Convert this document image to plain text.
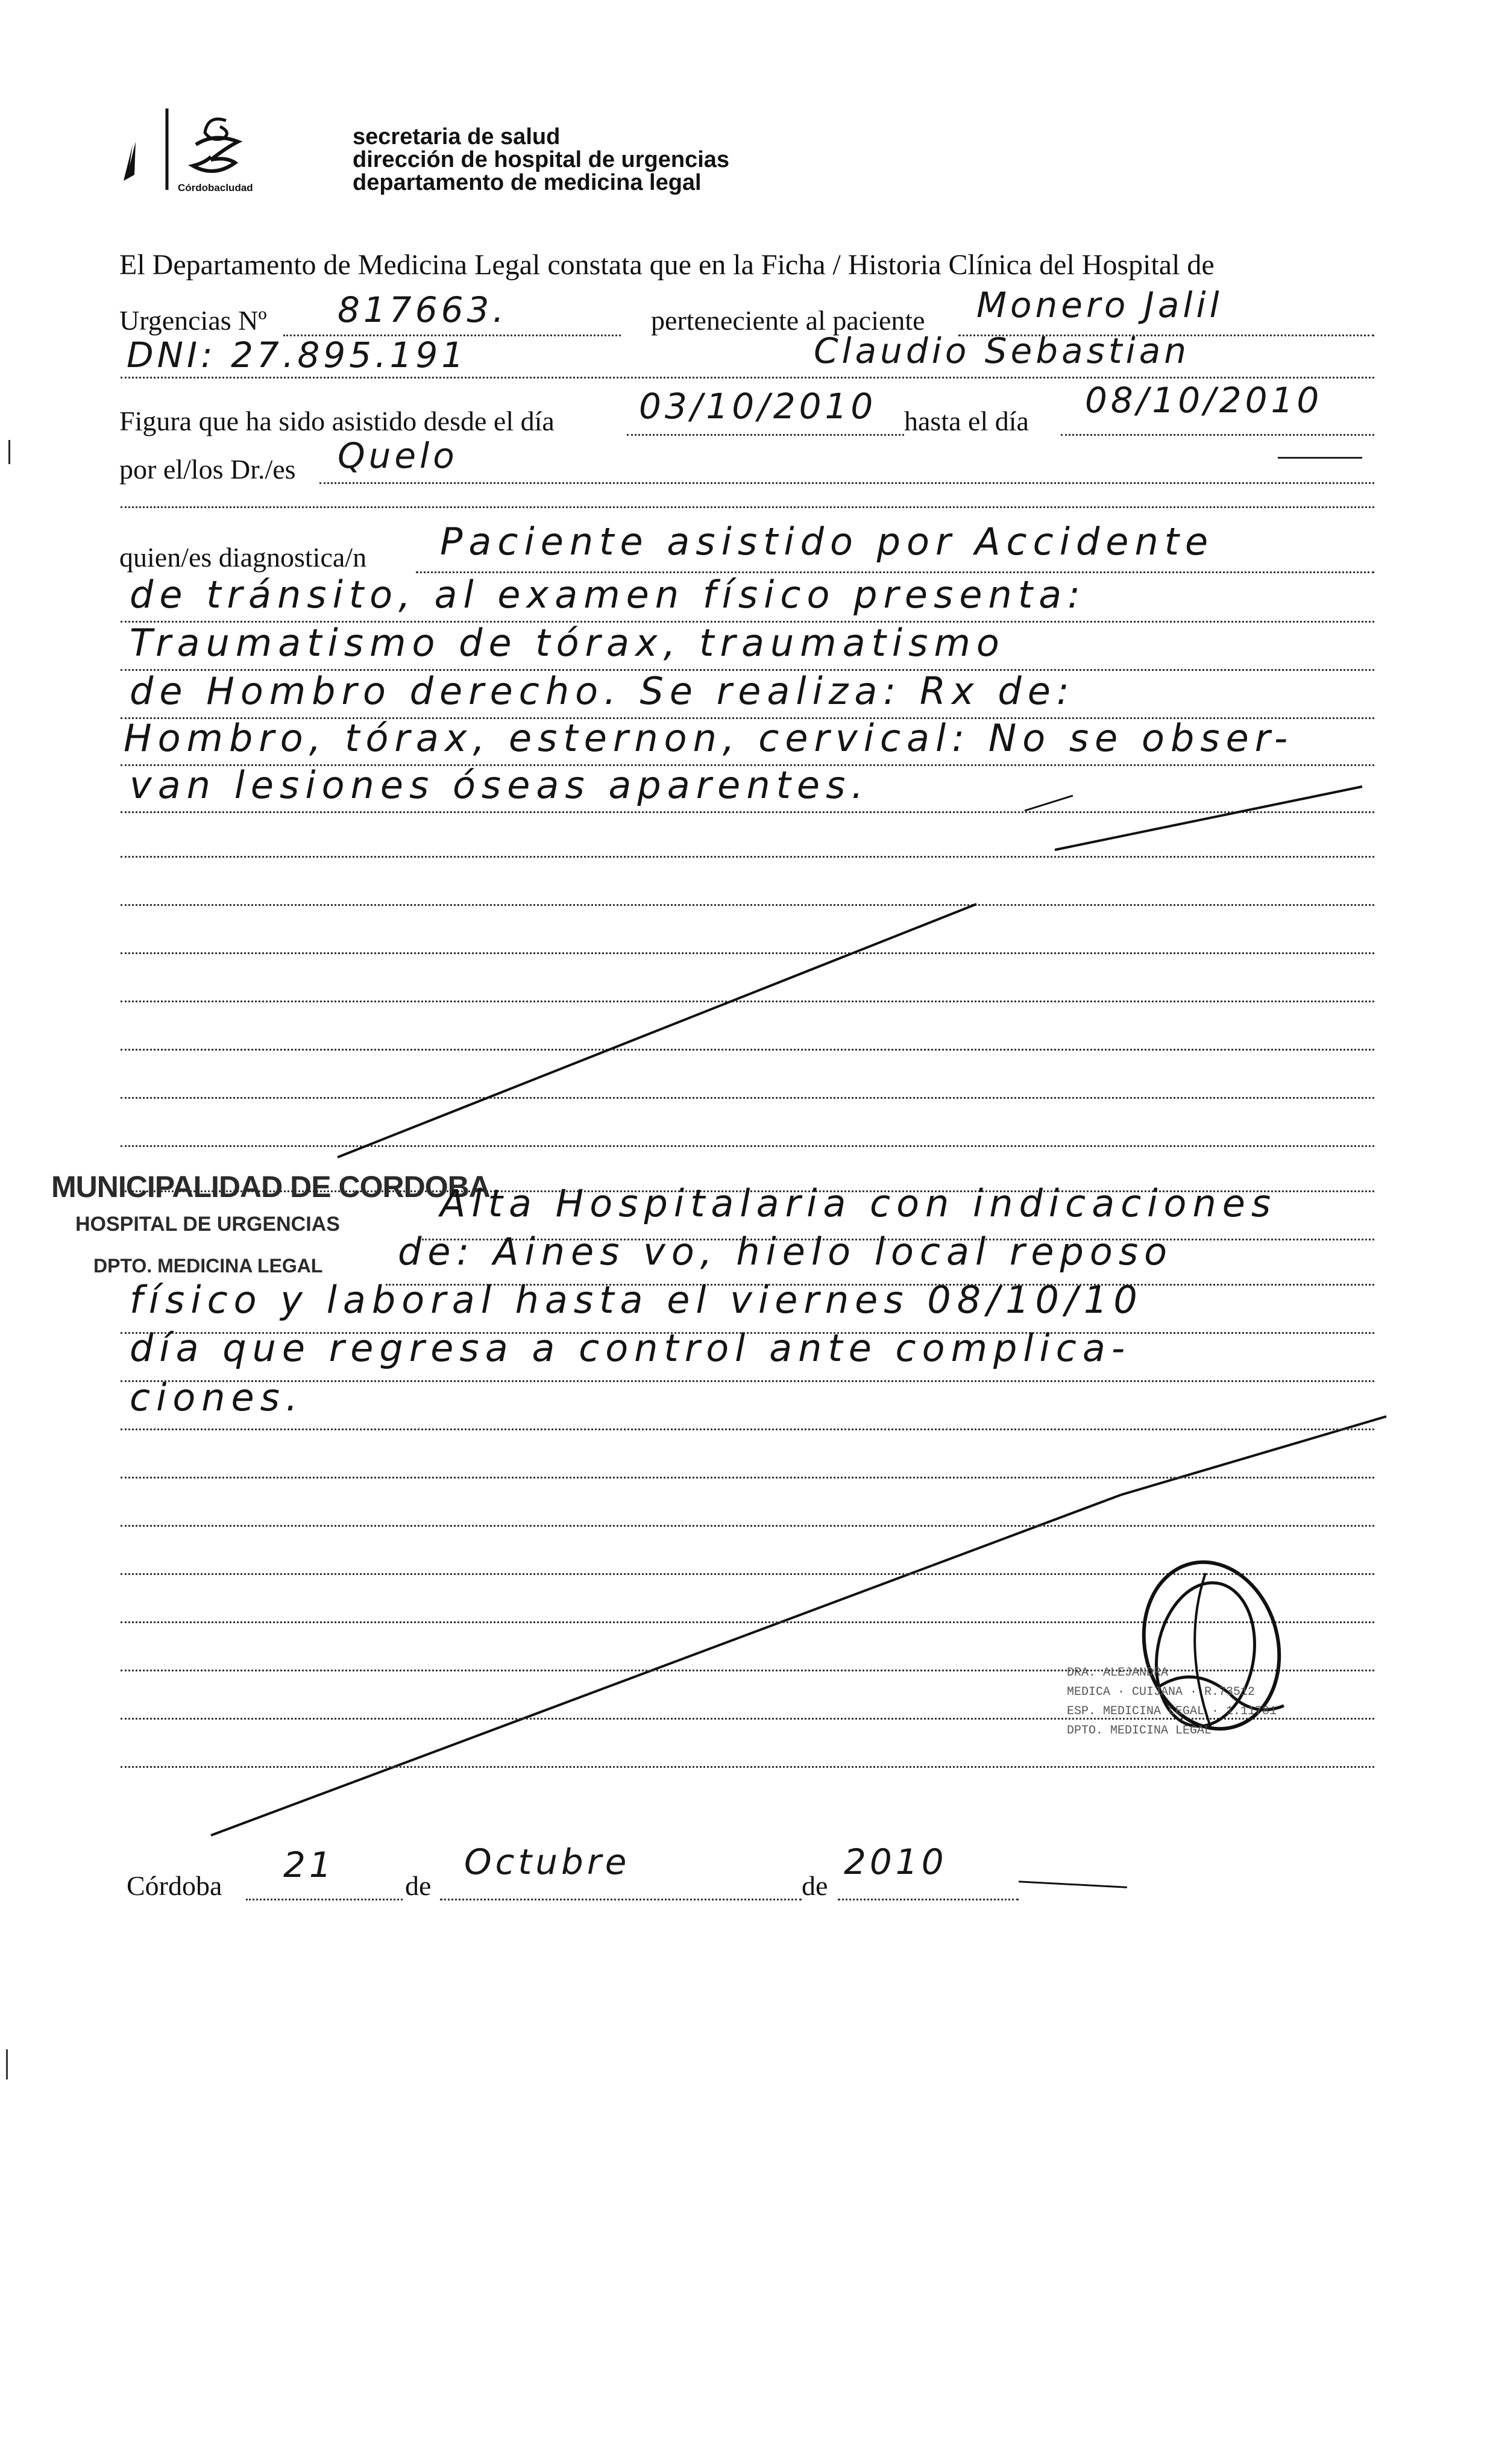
Córdobacludad
secretaria de salud
dirección de hospital de urgencias
departamento de medicina legal
El Departamento de Medicina Legal constata que en la Ficha / Historia Clínica del Hospital de
Urgencias Nº 817663.	perteneciente al paciente Monero Jalil
DNI: 27.895.191	Claudio Sebastian
Figura que ha sido asistido desde el día 03/10/2010 hasta el día
08/10/2010
por el/los Dr./es Quelo
quien/es diagnostica/n Paciente asistido por Accidente
de tránsito, al examen físico presenta:
Traumatismo de tórax, traumatismo
de Hombro derecho. Se realiza: Rx de:
Hombro, tórax, esternon, cervical: No se obser-
van lesiones óseas aparentes.
MUNICIPALIDAD DE CORDOBA
HOSPITAL DE URGENCIAS
DPTO. MEDICINA LEGAL
Alta Hospitalaria con indicaciones
de: Aines vo, hielo local reposo
físico y laboral hasta el viernes 08/10/10
día que regresa a control ante complica-
ciones.
DRA. ALEJANDRA
MEDICA · CUIJANA · R.73512
ESP. MEDICINA LEGAL · 1.11781
DPTO. MEDICINA LEGAL
Córdoba
21
de
Octubre
de
2010
